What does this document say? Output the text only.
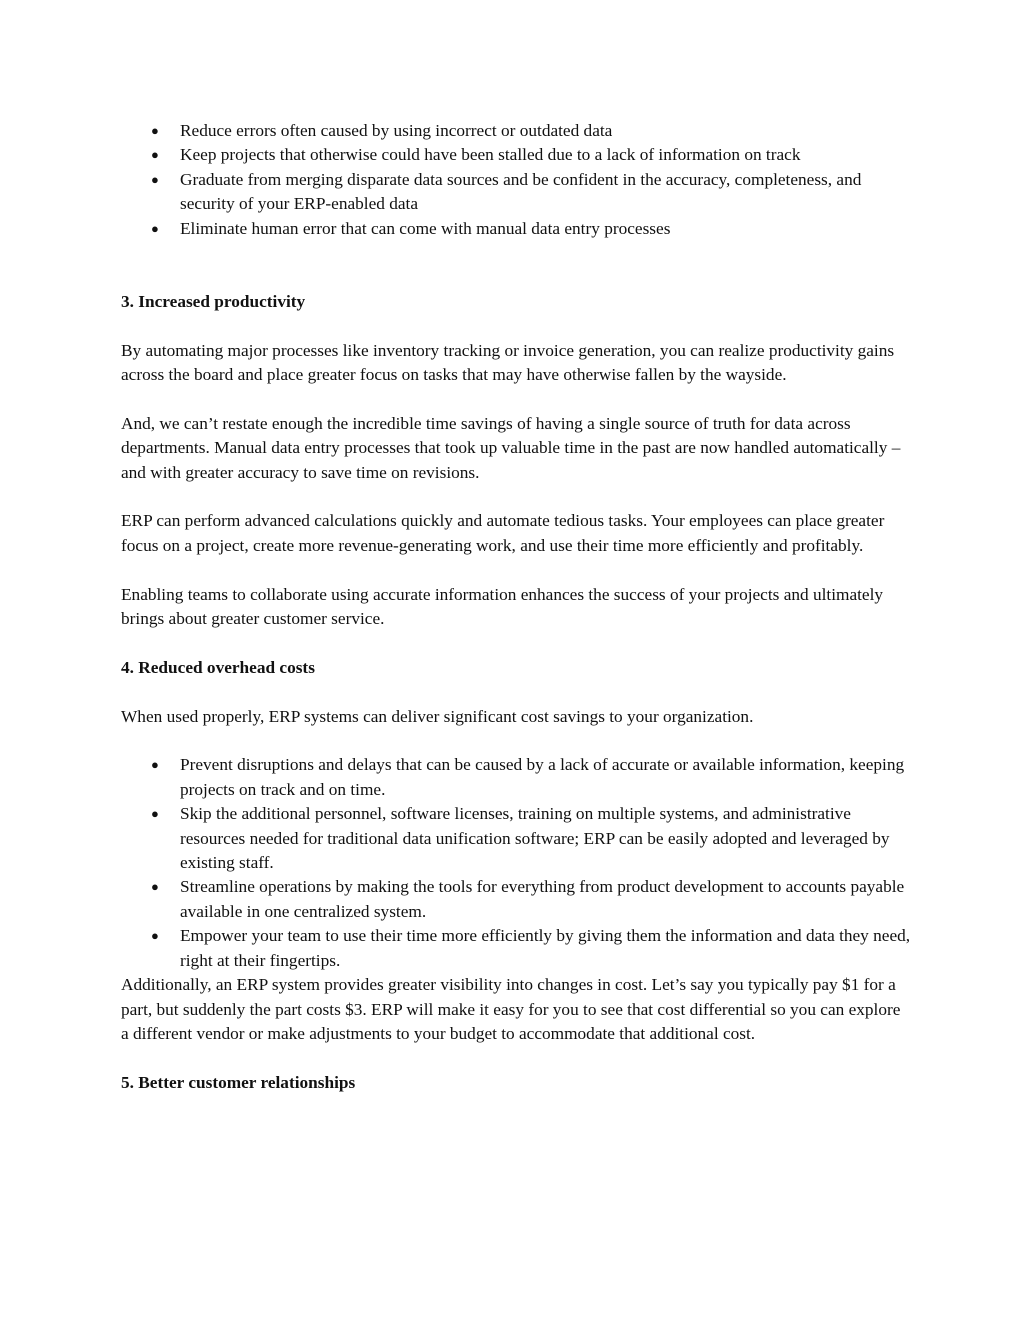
● Reduce errors often caused by using incorrect or outdated data
● Keep projects that otherwise could have been stalled due to a lack of information on track
● Graduate from merging disparate data sources and be confident in the accuracy, completeness, and security of your ERP-enabled data
● Eliminate human error that can come with manual data entry processes
3. Increased productivity

By automating major processes like inventory tracking or invoice generation, you can realize productivity gains across the board and place greater focus on tasks that may have otherwise fallen by the wayside.

And, we can’t restate enough the incredible time savings of having a single source of truth for data across departments. Manual data entry processes that took up valuable time in the past are now handled automatically – and with greater accuracy to save time on revisions.

ERP can perform advanced calculations quickly and automate tedious tasks. Your employees can place greater focus on a project, create more revenue-generating work, and use their time more efficiently and profitably.

Enabling teams to collaborate using accurate information enhances the success of your projects and ultimately brings about greater customer service.

4. Reduced overhead costs

When used properly, ERP systems can deliver significant cost savings to your organization.

● Prevent disruptions and delays that can be caused by a lack of accurate or available information, keeping projects on track and on time.
● Skip the additional personnel, software licenses, training on multiple systems, and administrative resources needed for traditional data unification software; ERP can be easily adopted and leveraged by existing staff.
● Streamline operations by making the tools for everything from product development to accounts payable available in one centralized system.
● Empower your team to use their time more efficiently by giving them the information and data they need, right at their fingertips.

Additionally, an ERP system provides greater visibility into changes in cost. Let’s say you typically pay $1 for a part, but suddenly the part costs $3. ERP will make it easy for you to see that cost differential so you can explore a different vendor or make adjustments to your budget to accommodate that additional cost.

5. Better customer relationships
